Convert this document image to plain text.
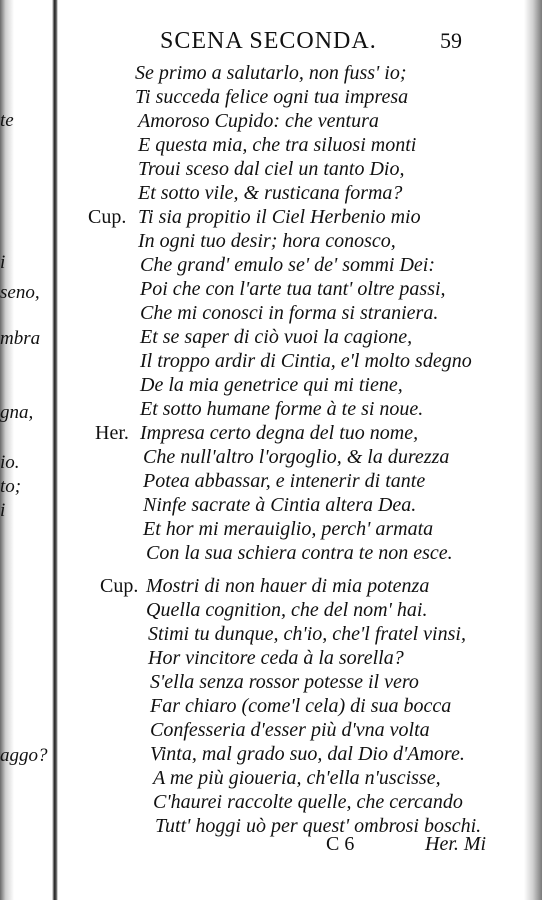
te
i
seno,
mbra
gna,
io.
to;
i
aggo?
SCENA SECONDA.	59
Cup.
Her.
Cup.
Se primo a salutarlo, non fuss' io;
Ti succeda felice ogni tua impresa
Amoroso Cupido: che ventura
E questa mia, che tra siluosi monti
Troui sceso dal ciel un tanto Dio,
Et sotto vile, & rusticana forma?
Ti sia propitio il Ciel Herbenio mio
In ogni tuo desir; hora conosco,
Che grand' emulo se' de' sommi Dei:
Poi che con l'arte tua tant' oltre passi,
Che mi conosci in forma si straniera.
Et se saper di ciò vuoi la cagione,
Il troppo ardir di Cintia, e'l molto sdegno
De la mia genetrice qui mi tiene,
Et sotto humane forme à te si noue.
Impresa certo degna del tuo nome,
Che null'altro l'orgoglio, & la durezza
Potea abbassar, e intenerir di tante
Ninfe sacrate à Cintia altera Dea.
Et hor mi merauiglio, perch' armata
Con la sua schiera contra te non esce.
Mostri di non hauer di mia potenza
Quella cognition, che del nom' hai.
Stimi tu dunque, ch'io, che'l fratel vinsi,
Hor vincitore ceda à la sorella?
S'ella senza rossor potesse il vero
Far chiaro (come'l cela) di sua bocca
Confesseria d'esser più d'vna volta
Vinta, mal grado suo, dal Dio d'Amore.
A me più gioueria, ch'ella n'uscisse,
C'haurei raccolte quelle, che cercando
Tutt' hoggi uò per quest' ombrosi boschi.
C 6	Her. Mi
